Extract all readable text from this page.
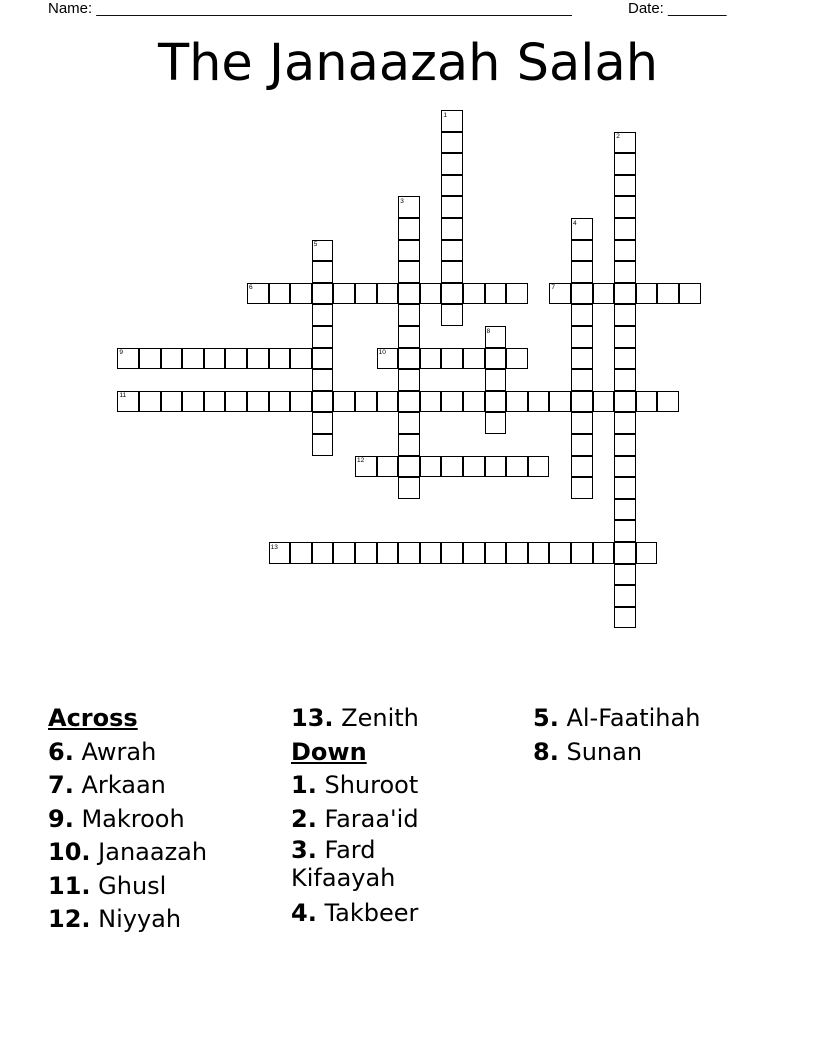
Name: _________________________________________________________	Date: _______
The Janaazah Salah
1
2
3
4
5
6	7
8
9	10
11
12
13
Across
6. Awrah
7. Arkaan
9. Makrooh
10. Janaazah
11. Ghusl
12. Niyyah
13. Zenith
Down
1. Shuroot
2. Faraa'id
3. Fard Kifaayah
4. Takbeer
5. Al-Faatihah
8. Sunan
